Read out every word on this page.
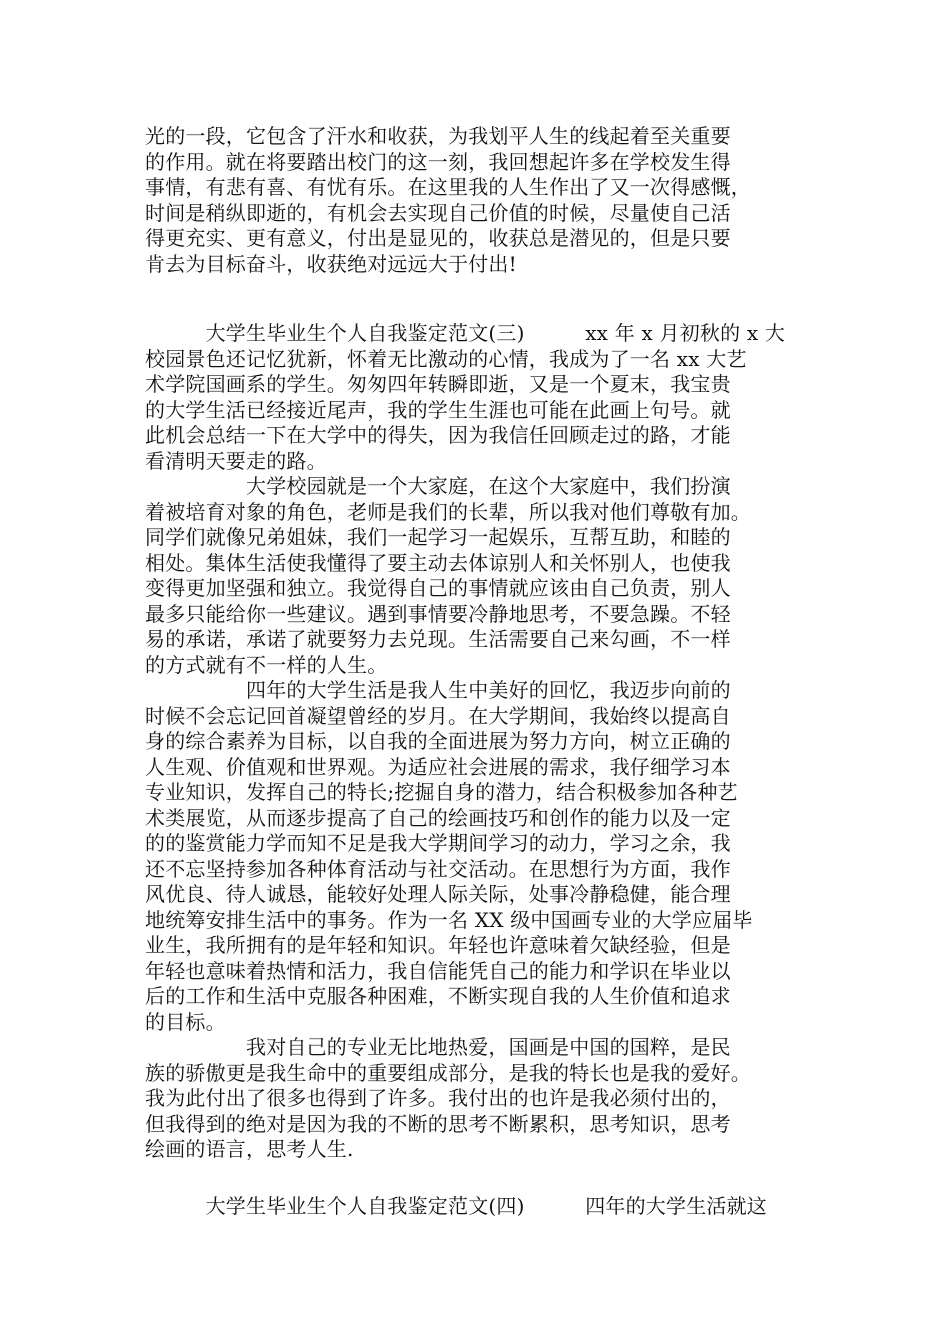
光的一段，它包含了汗水和收获，为我划平人生的线起着至关重要
的作用。就在将要踏出校门的这一刻，我回想起许多在学校发生得
事情，有悲有喜、有忧有乐。在这里我的人生作出了又一次得感慨，
时间是稍纵即逝的，有机会去实现自己价值的时候，尽量使自己活
得更充实、更有意义，付出是显见的，收获总是潜见的，但是只要
肯去为目标奋斗，收获绝对远远大于付出!
　　　大学生毕业生个人自我鉴定范文(三)　　　xx 年 x 月初秋的 x 大
校园景色还记忆犹新，怀着无比激动的心情，我成为了一名 xx 大艺
术学院国画系的学生。匆匆四年转瞬即逝，又是一个夏末，我宝贵
的大学生活已经接近尾声，我的学生生涯也可能在此画上句号。就
此机会总结一下在大学中的得失，因为我信任回顾走过的路，才能
看清明天要走的路。
　　　　　大学校园就是一个大家庭，在这个大家庭中，我们扮演
着被培育对象的角色，老师是我们的长辈，所以我对他们尊敬有加。
同学们就像兄弟姐妹，我们一起学习一起娱乐，互帮互助，和睦的
相处。集体生活使我懂得了要主动去体谅别人和关怀别人，也使我
变得更加坚强和独立。我觉得自己的事情就应该由自己负责，别人
最多只能给你一些建议。遇到事情要冷静地思考，不要急躁。不轻
易的承诺，承诺了就要努力去兑现。生活需要自己来勾画，不一样
的方式就有不一样的人生。
　　　　　四年的大学生活是我人生中美好的回忆，我迈步向前的
时候不会忘记回首凝望曾经的岁月。在大学期间，我始终以提高自
身的综合素养为目标，以自我的全面进展为努力方向，树立正确的
人生观、价值观和世界观。为适应社会进展的需求，我仔细学习本
专业知识，发挥自己的特长;挖掘自身的潜力，结合积极参加各种艺
术类展览，从而逐步提高了自己的绘画技巧和创作的能力以及一定
的的鉴赏能力学而知不足是我大学期间学习的动力，学习之余，我
还不忘坚持参加各种体育活动与社交活动。在思想行为方面，我作
风优良、待人诚恳，能较好处理人际关际，处事冷静稳健，能合理
地统筹安排生活中的事务。作为一名 XX 级中国画专业的大学应届毕
业生，我所拥有的是年轻和知识。年轻也许意味着欠缺经验，但是
年轻也意味着热情和活力，我自信能凭自己的能力和学识在毕业以
后的工作和生活中克服各种困难，不断实现自我的人生价值和追求
的目标。
　　　　　我对自己的专业无比地热爱，国画是中国的国粹，是民
族的骄傲更是我生命中的重要组成部分，是我的特长也是我的爱好。
我为此付出了很多也得到了许多。我付出的也许是我必须付出的，
但我得到的绝对是因为我的不断的思考不断累积，思考知识，思考
绘画的语言，思考人生.
　　　大学生毕业生个人自我鉴定范文(四)　　　四年的大学生活就这
